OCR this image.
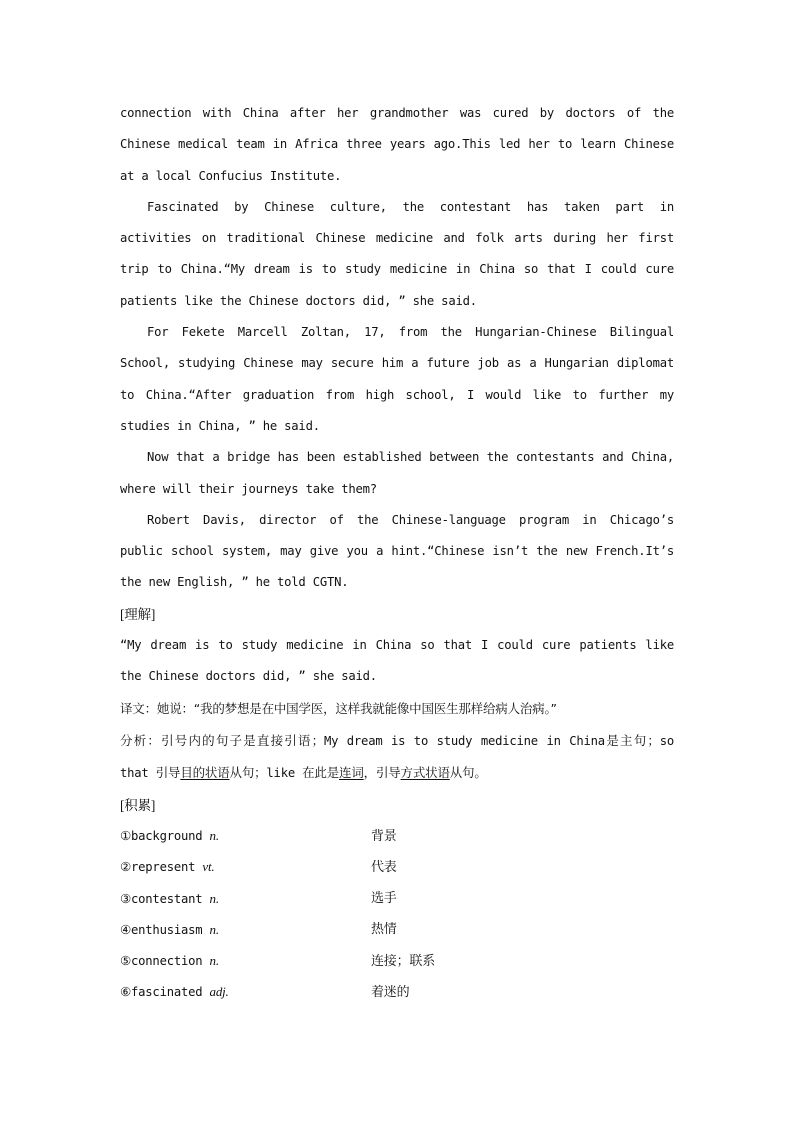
connection with China after her grandmother was cured by doctors of the Chinese medical team in Africa three years ago.This led her to learn Chinese at a local Confucius Institute.

Fascinated by Chinese culture, the contestant has taken part in activities on traditional Chinese medicine and folk arts during her first trip to China.“My dream is to study medicine in China so that I could cure patients like the Chinese doctors did, ” she said.

For Fekete Marcell Zoltan, 17, from the Hungarian-Chinese Bilingual School, studying Chinese may secure him a future job as a Hungarian diplomat to China.“After graduation from high school, I would like to further my studies in China, ” he said.

Now that a bridge has been established between the contestants and China, where will their journeys take them?

Robert Davis, director of the Chinese-language program in Chicago’s public school system, may give you a hint.“Chinese isn’t the new French.It’s the new English, ” he told CGTN.

[理解]

“My dream is to study medicine in China so that I could cure patients like the Chinese doctors did, ” she said.

译文：她说：“我的梦想是在中国学医，这样我就能像中国医生那样给病人治病。”

分析：引号内的句子是直接引语；My dream is to study medicine in China是主句；so that 引导目的状语从句；like 在此是连词，引导方式状语从句。

[积累]

①background n.	背景
②represent vt.	代表
③contestant n.	选手
④enthusiasm n.	热情
⑤connection n.	连接；联系
⑥fascinated adj.	着迷的
